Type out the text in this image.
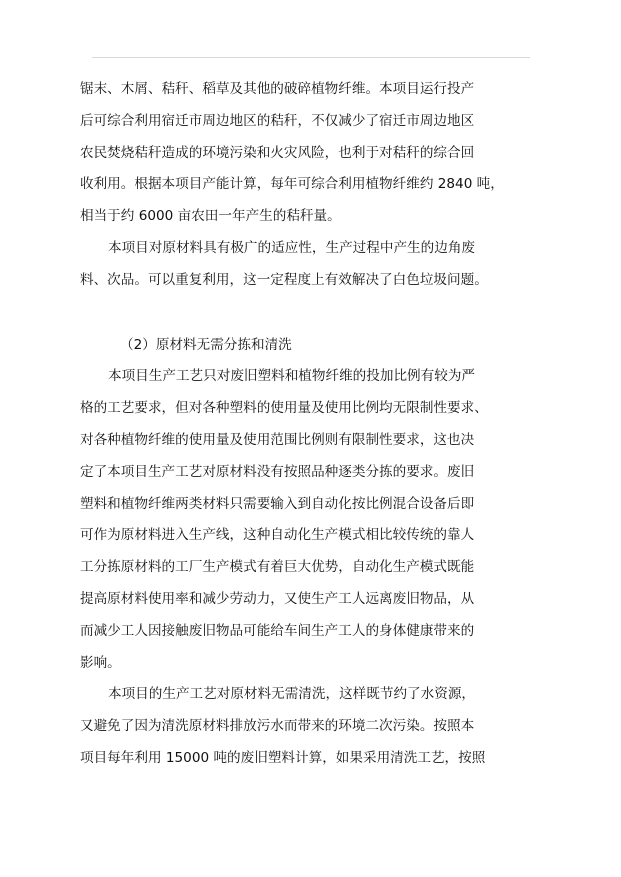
锯末、木屑、秸秆、稻草及其他的破碎植物纤维。本项目运行投产

后可综合利用宿迁市周边地区的秸秆，不仅减少了宿迁市周边地区

农民焚烧秸秆造成的环境污染和火灾风险，也利于对秸秆的综合回

收利用。根据本项目产能计算，每年可综合利用植物纤维约 2840 吨，

相当于约 6000 亩农田一年产生的秸秆量。

本项目对原材料具有极广的适应性，生产过程中产生的边角废

料、次品。可以重复利用，这一定程度上有效解决了白色垃圾问题。

（2）原材料无需分拣和清洗

本项目生产工艺只对废旧塑料和植物纤维的投加比例有较为严

格的工艺要求，但对各种塑料的使用量及使用比例均无限制性要求、

对各种植物纤维的使用量及使用范围比例则有限制性要求，这也决

定了本项目生产工艺对原材料没有按照品种逐类分拣的要求。废旧

塑料和植物纤维两类材料只需要输入到自动化按比例混合设备后即

可作为原材料进入生产线，这种自动化生产模式相比较传统的靠人

工分拣原材料的工厂生产模式有着巨大优势，自动化生产模式既能

提高原材料使用率和减少劳动力，又使生产工人远离废旧物品，从

而减少工人因接触废旧物品可能给车间生产工人的身体健康带来的

影响。

本项目的生产工艺对原材料无需清洗，这样既节约了水资源，

又避免了因为清洗原材料排放污水而带来的环境二次污染。按照本

项目每年利用 15000 吨的废旧塑料计算，如果采用清洗工艺，按照
